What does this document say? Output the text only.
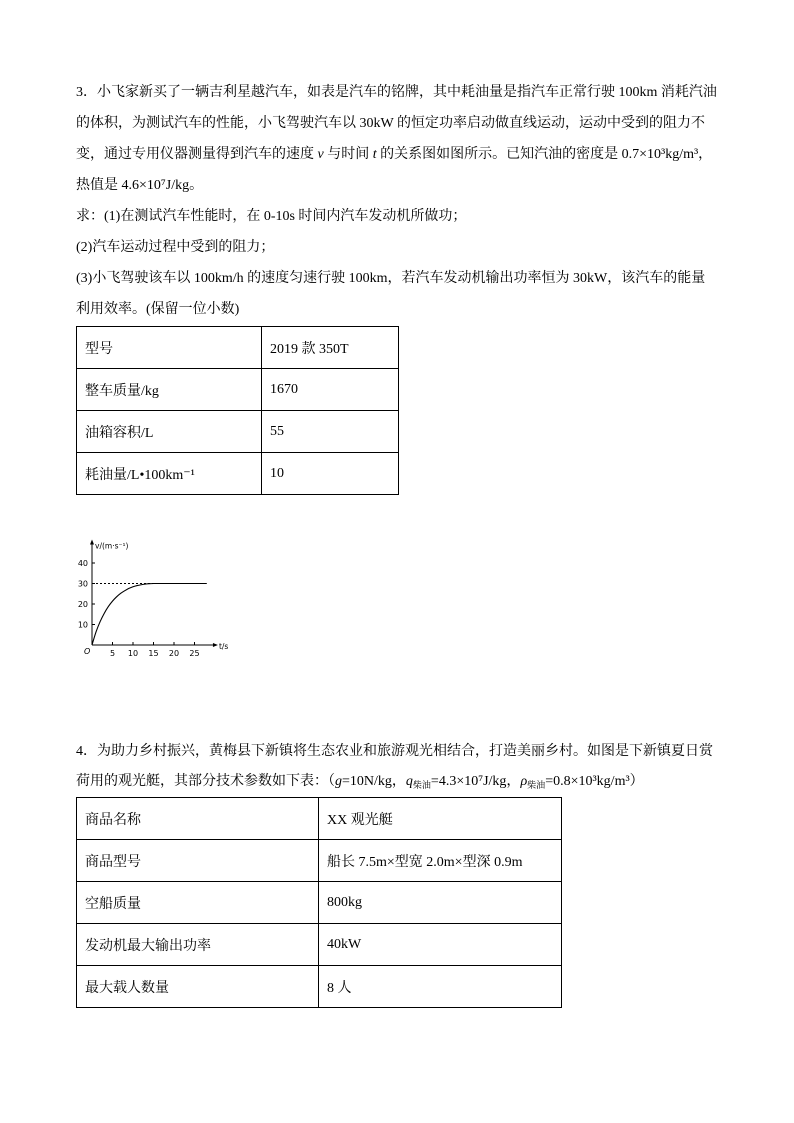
3．小飞家新买了一辆吉利星越汽车，如表是汽车的铭牌，其中耗油量是指汽车正常行驶 100km 消耗汽油
的体积，为测试汽车的性能，小飞驾驶汽车以 30kW 的恒定功率启动做直线运动，运动中受到的阻力不
变，通过专用仪器测量得到汽车的速度 v 与时间 t 的关系图如图所示。已知汽油的密度是 0.7×10³kg/m³，
热值是 4.6×10⁷J/kg。
求：(1)在测试汽车性能时，在 0-10s 时间内汽车发动机所做功；
(2)汽车运动过程中受到的阻力；
(3)小飞驾驶该车以 100km/h 的速度匀速行驶 100km，若汽车发动机输出功率恒为 30kW，该汽车的能量
利用效率。(保留一位小数)
型号	2019 款 350T
整车质量/kg	1670
油箱容积/L	55
耗油量/L•100km⁻¹	10
10
20
30
40
5 10 15 20 25
O
v/(m·s⁻¹)
t/s
4．为助力乡村振兴，黄梅县下新镇将生态农业和旅游观光相结合，打造美丽乡村。如图是下新镇夏日赏
荷用的观光艇，其部分技术参数如下表：（g=10N/kg，$q_{柴油}=4.3\times 10^7J/kg$，$\rho_{柴油}=0.8\times 10^3kg/m^3$）
商品名称	XX 观光艇
商品型号	船长 7.5m×型宽 2.0m×型深 0.9m
空船质量	800kg
发动机最大输出功率	40kW
最大载人数量	8 人
